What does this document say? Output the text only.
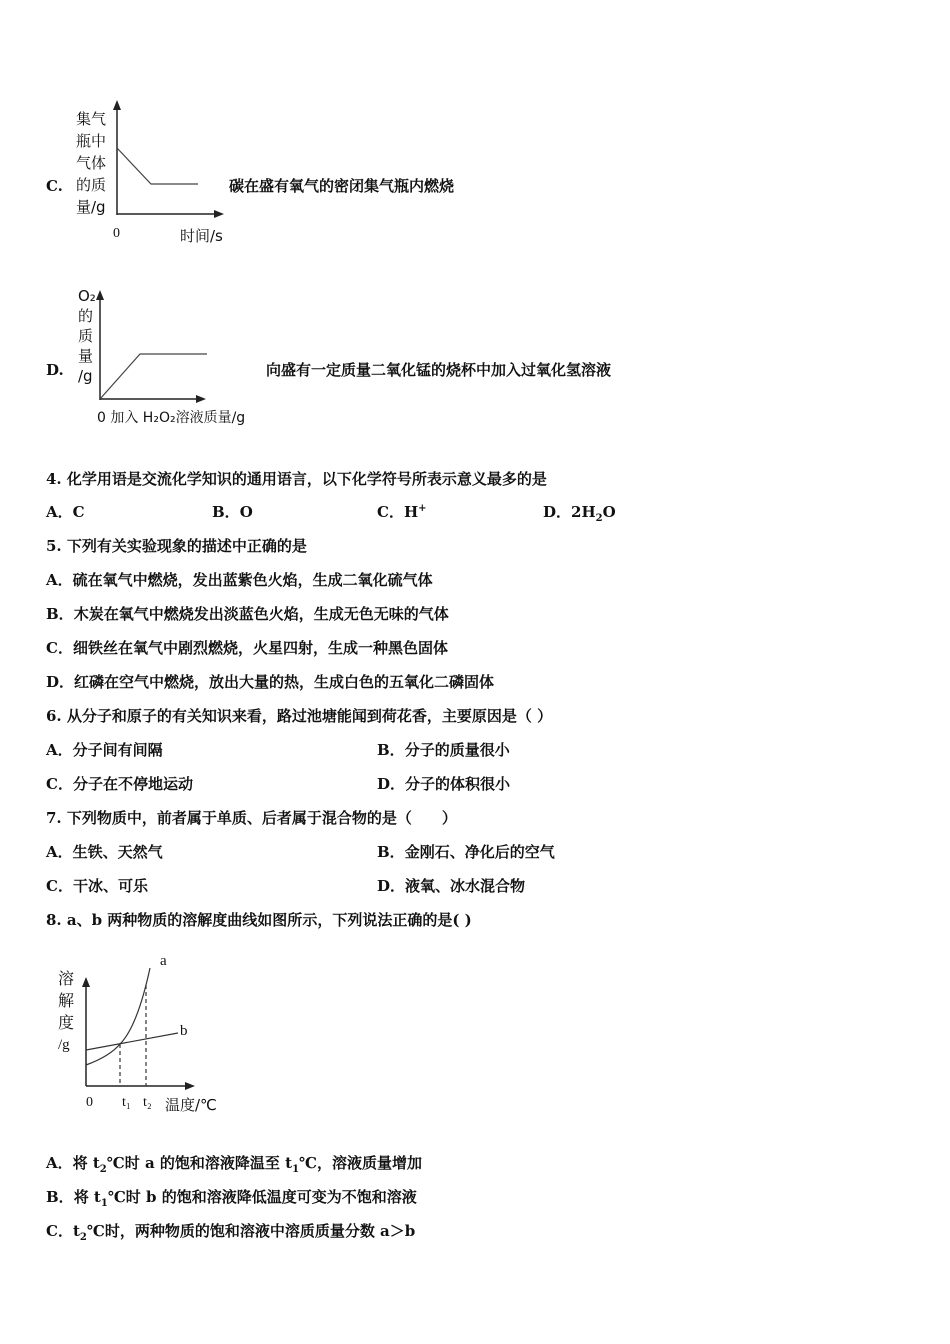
C.
集气
瓶中
气体
的质
量/g
0	时间/s
碳在盛有氧气的密闭集气瓶内燃烧
D.
O₂
的
质
量
/g
0 加入 H₂O₂溶液质量/g
向盛有一定质量二氧化锰的烧杯中加入过氧化氢溶液
4. 化学用语是交流化学知识的通用语言，以下化学符号所表示意义最多的是
A．C	B．O	C．H+	D．$2H_2O$
5. 下列有关实验现象的描述中正确的是
A．硫在氧气中燃烧，发出蓝紫色火焰，生成二氧化硫气体
B．木炭在氧气中燃烧发出淡蓝色火焰，生成无色无味的气体
C．细铁丝在氧气中剧烈燃烧，火星四射，生成一种黑色固体
D．红磷在空气中燃烧，放出大量的热，生成白色的五氧化二磷固体
6. 从分子和原子的有关知识来看，路过池塘能闻到荷花香，主要原因是（ ）
A．分子间有间隔	B．分子的质量很小
C．分子在不停地运动	D．分子的体积很小
7. 下列物质中，前者属于单质、后者属于混合物的是（　　）
A．生铁、天然气	B．金刚石、净化后的空气
C．干冰、可乐	D．液氧、冰水混合物
8. a、b 两种物质的溶解度曲线如图所示，下列说法正确的是( )
溶
解
度
/g
a
b
0 t₁ t₂ 温度/℃
A．将 $t_2℃$时 a 的饱和溶液降温至 $t_1℃$，溶液质量增加
B．将 $t_1℃$时 b 的饱和溶液降低温度可变为不饱和溶液
C．$t_2℃$时，两种物质的饱和溶液中溶质质量分数 a＞b
